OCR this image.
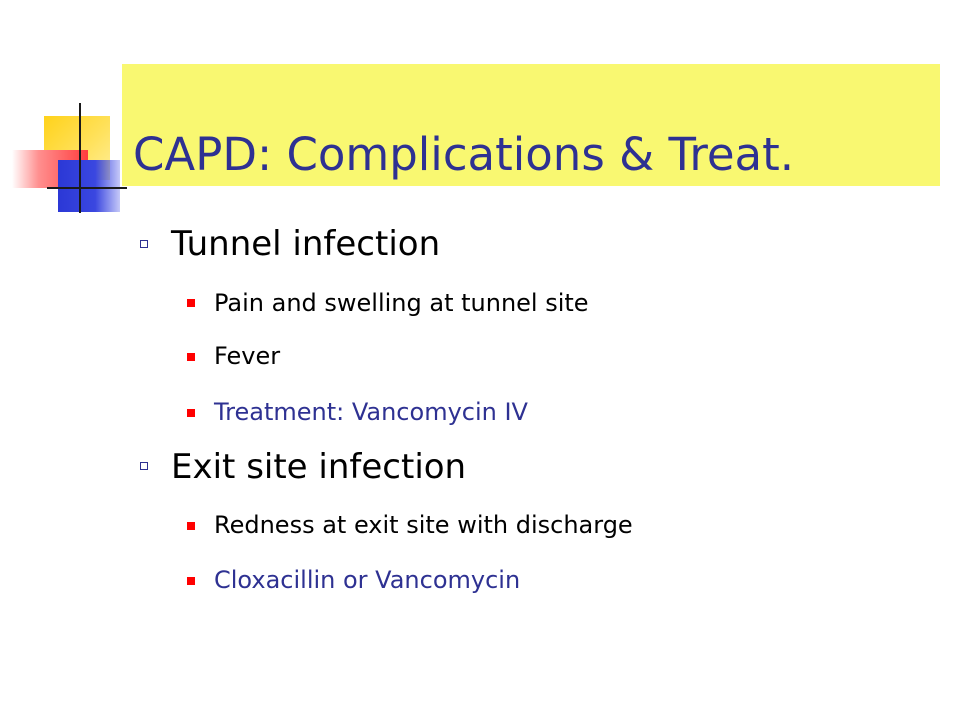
CAPD: Complications & Treat.
Tunnel infection
Pain and swelling at tunnel site
Fever
Treatment: Vancomycin IV
Exit site infection
Redness at exit site with discharge
Cloxacillin or Vancomycin
